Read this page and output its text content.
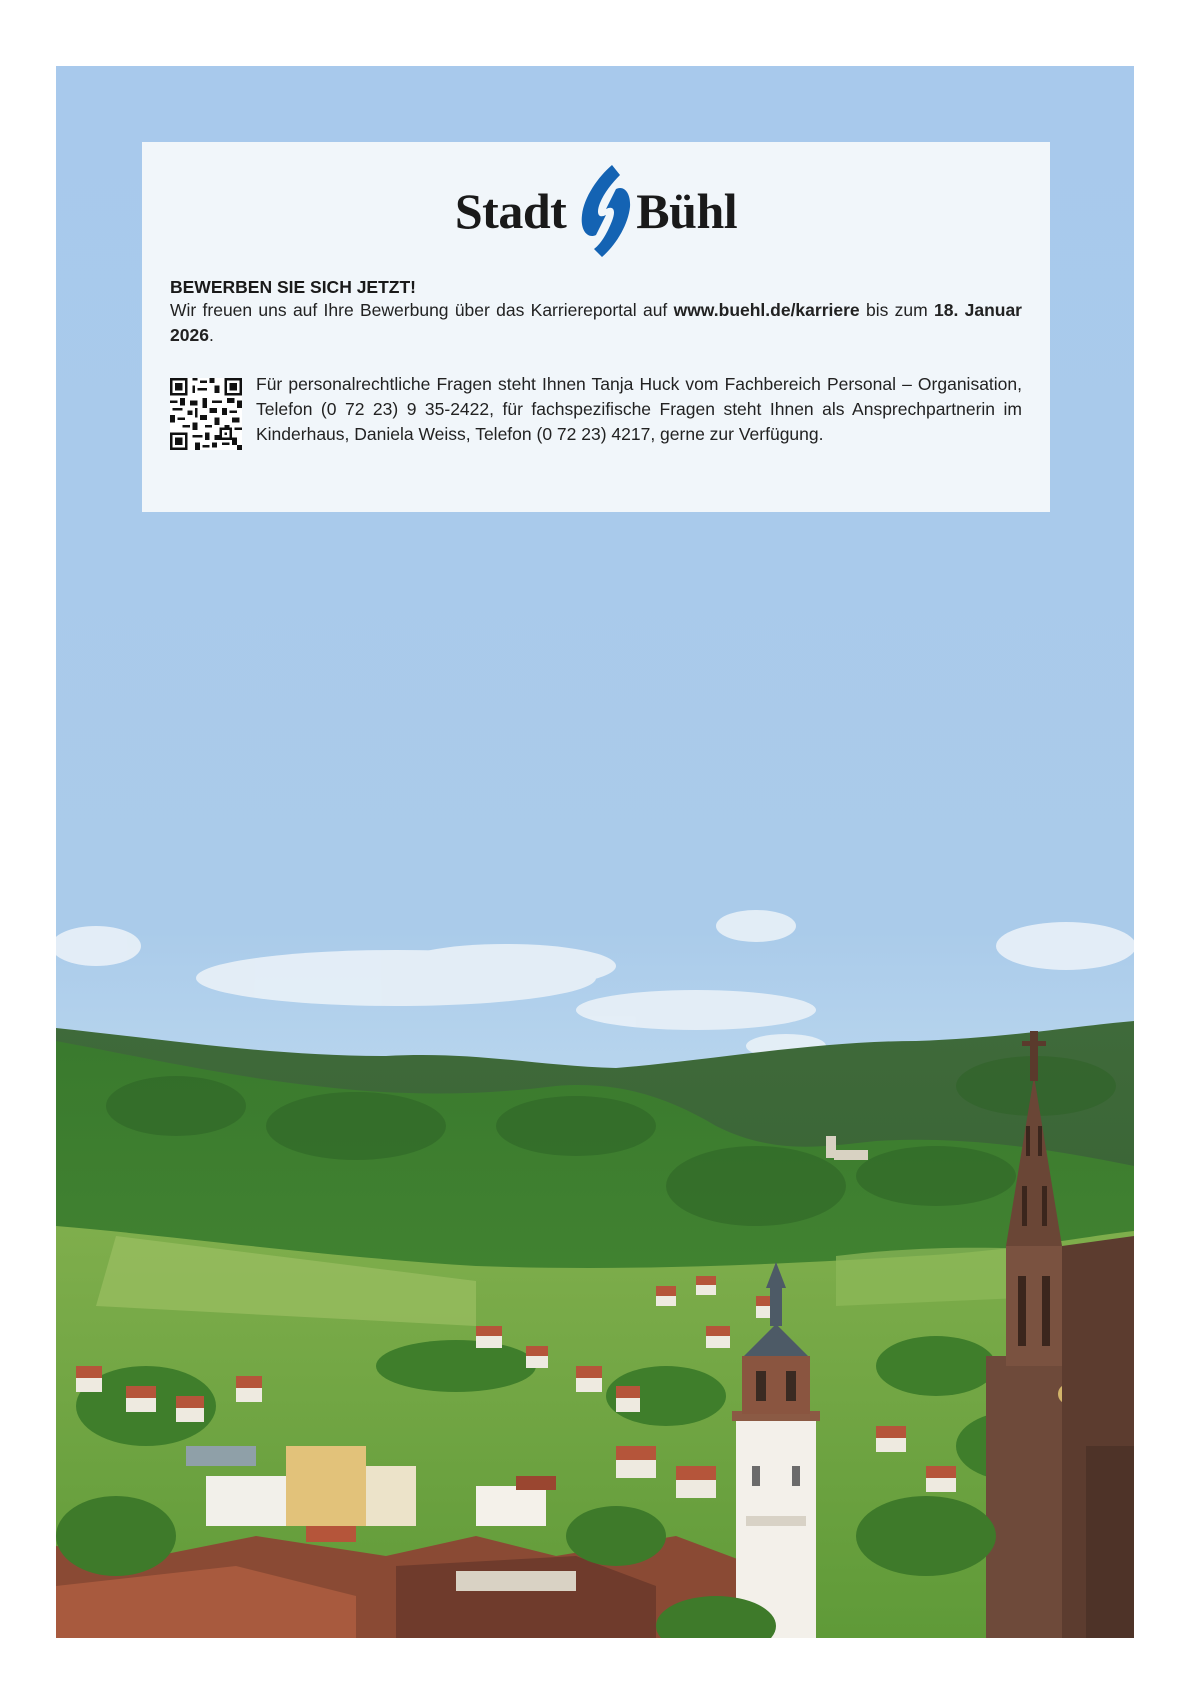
Stadt Bühl
BEWERBEN SIE SICH JETZT!
Wir freuen uns auf Ihre Bewerbung über das Karriereportal auf www.buehl.de/karriere bis zum 18. Januar 2026.
Für personalrechtliche Fragen steht Ihnen Tanja Huck vom Fachbereich Personal – Organisation, Telefon (0 72 23) 9 35-2422, für fachspezifische Fragen steht Ihnen als Ansprechpartnerin im Kinderhaus, Daniela Weiss, Telefon (0 72 23) 4217, gerne zur Verfügung.
